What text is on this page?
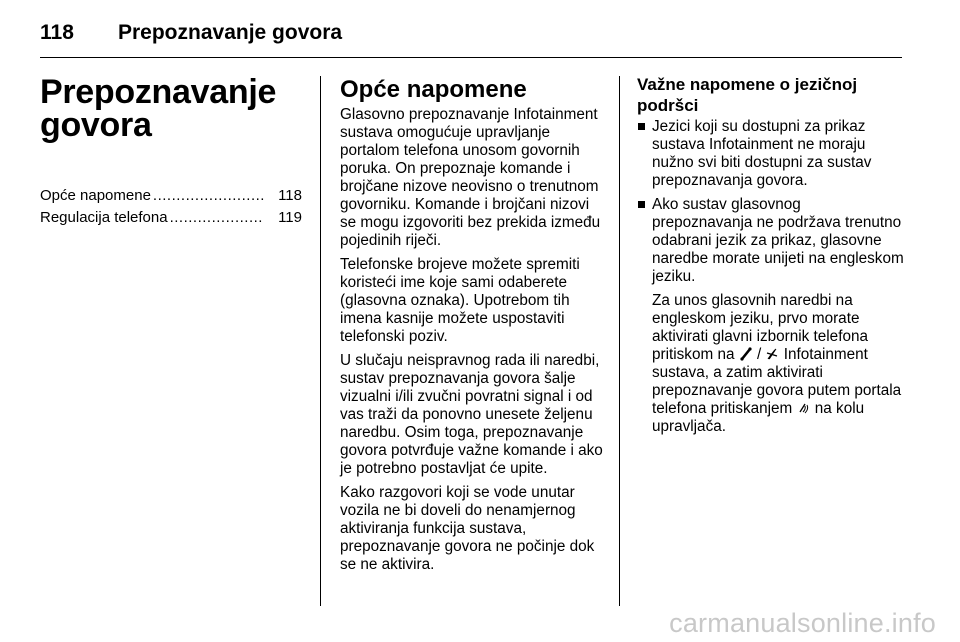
118 Prepoznavanje govora
Prepoznavanje
govora
Opće napomene ........................ 118
Regulacija telefona ....................	119
Opće napomene

Glasovno prepoznavanje Infotainment sustava omogućuje upravljanje portalom telefona unosom govornih poruka. On prepoznaje komande i brojčane nizove neovisno o trenutnom govorniku. Komande i brojčani nizovi se mogu izgovoriti bez prekida između pojedinih riječi.

Telefonske brojeve možete spremiti koristeći ime koje sami odaberete (glasovna oznaka). Upotrebom tih imena kasnije možete uspostaviti telefonski poziv.

U slučaju neispravnog rada ili naredbi, sustav prepoznavanja govora šalje vizualni i/ili zvučni povratni signal i od vas traži da ponovno unesete željenu naredbu. Osim toga, prepoznavanje govora potvrđuje važne komande i ako je potrebno postavljat će upite.

Kako razgovori koji se vode unutar vozila ne bi doveli do nenamjernog aktiviranja funkcija sustava, prepoznavanje govora ne počinje dok se ne aktivira.

Važne napomene o jezičnoj podršci
Jezici koji su dostupni za prikaz sustava Infotainment ne moraju nužno svi biti dostupni za sustav prepoznavanja govora.

Ako sustav glasovnog prepoznavanja ne podržava trenutno odabrani jezik za prikaz, glasovne naredbe morate unijeti na engleskom jeziku.

Za unos glasovnih naredbi na engleskom jeziku, prvo morate aktivirati glavni izbornik telefona pritiskom na / Infotainment sustava, a zatim aktivirati prepoznavanje govora putem portala telefona pritiskanjem na kolu upravljača.

carmanualsonline.info
